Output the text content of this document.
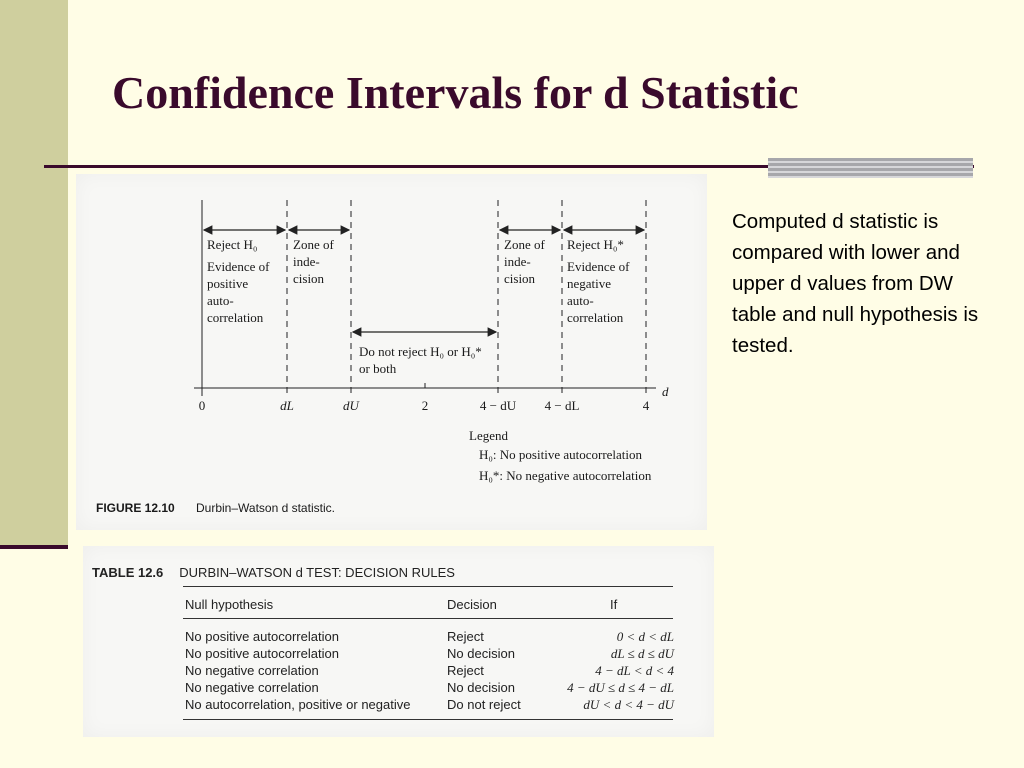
Confidence Intervals for d Statistic
Computed d statistic is compared with lower and upper d values from DW table and null hypothesis is tested.
Reject H₀
Evidence of
positive
auto-
correlation
Zone of
inde-
cision
Zone of
inde-
cision
Reject H₀*
Evidence of
negative
auto-
correlation
Do not reject H₀ or H₀*
or both
d
0	dL	dU	2	4 − dU 4 − dL	4
Legend
H₀: No positive autocorrelation
H₀*: No negative autocorrelation
FIGURE 12.10 Durbin–Watson d statistic.
TABLE 12.6 DURBIN–WATSON d TEST: DECISION RULES
Null hypothesis	Decision	If
No positive autocorrelation	Reject	0 < d < dL
No positive autocorrelation	No decision	dL ≤ d ≤ dU
No negative correlation	Reject	4 − dL < d < 4
No negative correlation	No decision	4 − dU ≤ d ≤ 4 − dL
No autocorrelation, positive or negative	Do not reject	dU < d < 4 − dU
